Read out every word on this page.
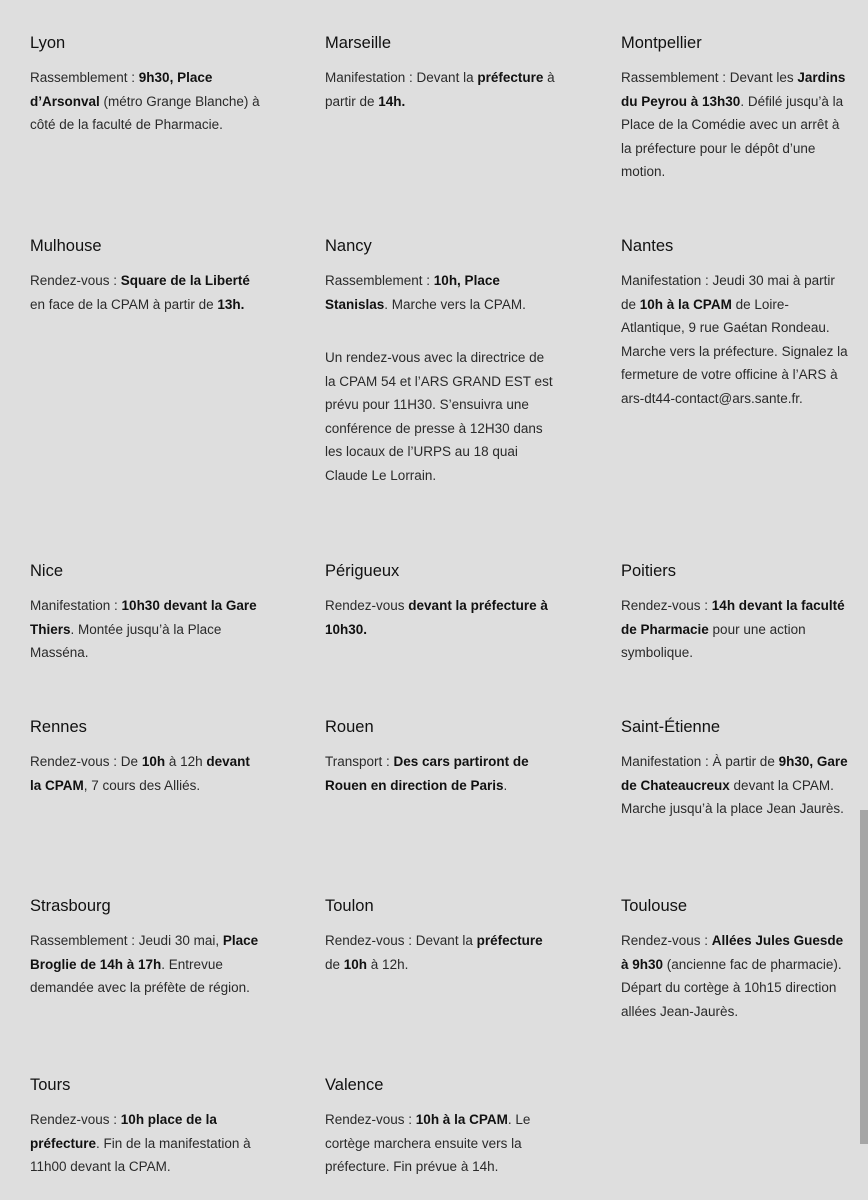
Lyon

Rassemblement : 9h30, Place d’Arsonval (métro Grange Blanche) à côté de la faculté de Pharmacie.

Marseille

Manifestation : Devant la préfecture à partir de 14h.

Montpellier

Rassemblement : Devant les Jardins du Peyrou à 13h30. Défilé jusqu’à la Place de la Comédie avec un arrêt à la préfecture pour le dépôt d’une motion.

Mulhouse

Rendez-vous : Square de la Liberté en face de la CPAM à partir de 13h.

Nancy

Rassemblement : 10h, Place Stanislas. Marche vers la CPAM.

Un rendez-vous avec la directrice de la CPAM 54 et l’ARS GRAND EST est prévu pour 11H30. S’ensuivra une conférence de presse à 12H30 dans les locaux de l’URPS au 18 quai Claude Le Lorrain.

Nantes

Manifestation : Jeudi 30 mai à partir de 10h à la CPAM de Loire-Atlantique, 9 rue Gaétan Rondeau. Marche vers la préfecture. Signalez la fermeture de votre officine à l’ARS à ars-dt44-contact@ars.sante.fr.

Nice

Manifestation : 10h30 devant la Gare Thiers. Montée jusqu’à la Place Masséna.

Périgueux

Rendez-vous devant la préfecture à 10h30.

Poitiers

Rendez-vous : 14h devant la faculté de Pharmacie pour une action symbolique.

Rennes

Rendez-vous : De 10h à 12h devant la CPAM, 7 cours des Alliés.

Rouen

Transport : Des cars partiront de Rouen en direction de Paris.

Saint-Étienne

Manifestation : À partir de 9h30, Gare de Chateaucreux devant la CPAM. Marche jusqu’à la place Jean Jaurès.

Strasbourg

Rassemblement : Jeudi 30 mai, Place Broglie de 14h à 17h. Entrevue demandée avec la préfète de région.

Toulon

Rendez-vous : Devant la préfecture de 10h à 12h.

Toulouse

Rendez-vous : Allées Jules Guesde à 9h30 (ancienne fac de pharmacie). Départ du cortège à 10h15 direction allées Jean-Jaurès.

Tours

Rendez-vous : 10h place de la préfecture. Fin de la manifestation à 11h00 devant la CPAM.

Valence

Rendez-vous : 10h à la CPAM. Le cortège marchera ensuite vers la préfecture. Fin prévue à 14h.
